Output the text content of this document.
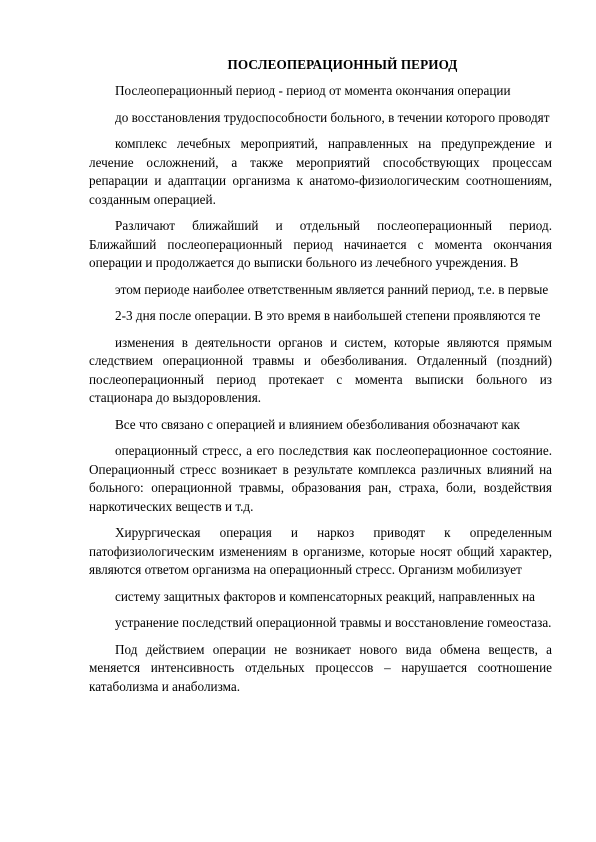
ПОСЛЕОПЕРАЦИОННЫЙ ПЕРИОД

Послеоперационный период - период от момента окончания операции

до восстановления трудоспособности больного, в течении которого проводят

комплекс лечебных мероприятий, направленных на предупреждение и лечение осложнений, а также мероприятий способствующих процессам репарации и адаптации организма к анатомо-физиологическим соотношениям, созданным операцией.

Различают ближайший и отдельный послеоперационный период. Ближайший послеоперационный период начинается с момента окончания операции и продолжается до выписки больного из лечебного учреждения. В

этом периоде наиболее ответственным является ранний период, т.е. в первые

2-3 дня после операции. В это время в наибольшей степени проявляются те

изменения в деятельности органов и систем, которые являются прямым следствием операционной травмы и обезболивания. Отдаленный (поздний) послеоперационный период протекает с момента выписки больного из стационара до выздоровления.

Все что связано с операцией и влиянием обезболивания обозначают как

операционный стресс, а его последствия как послеоперационное состояние. Операционный стресс возникает в результате комплекса различных влияний на больного: операционной травмы, образования ран, страха, боли, воздействия наркотических веществ и т.д.

Хирургическая операция и наркоз приводят к определенным патофизиологическим изменениям в организме, которые носят общий характер, являются ответом организма на операционный стресс. Организм мобилизует

систему защитных факторов и компенсаторных реакций, направленных на

устранение последствий операционной травмы и восстановление гомеостаза.

Под действием операции не возникает нового вида обмена веществ, а меняется интенсивность отдельных процессов – нарушается соотношение катаболизма и анаболизма.
